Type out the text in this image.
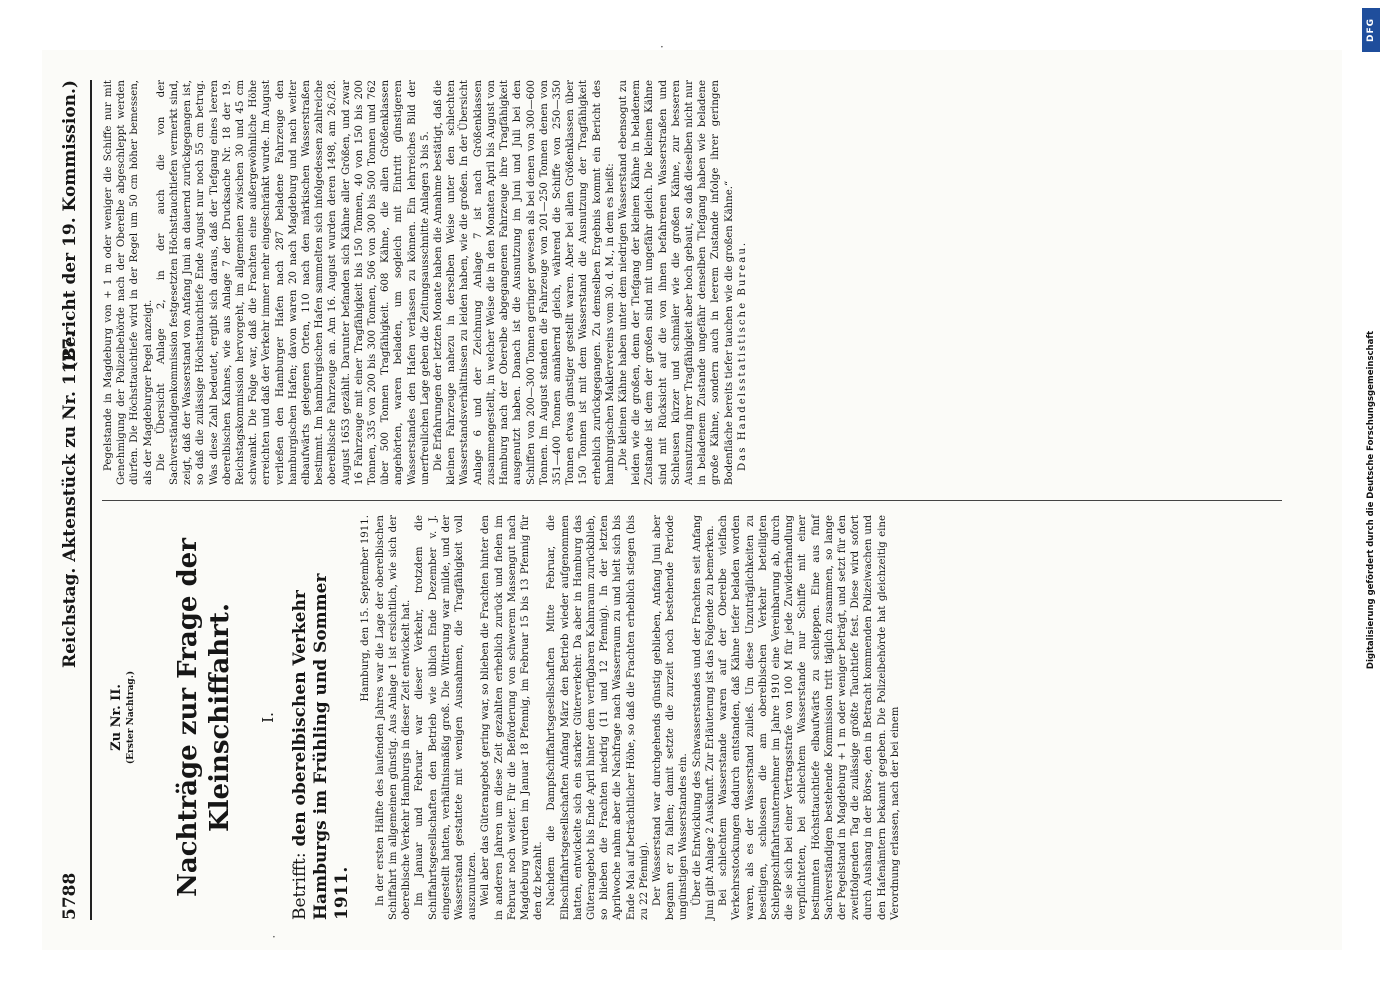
5788
Reichstag. Aktenstück zu Nr. 1127.
(Bericht der 19. Kommission.)
Zu Nr. II. (Erster Nachtrag.) Nachträge zur Frage der Kleinschiffahrt. I.
Betrifft: den oberelbischen Verkehr Hamburgs im Frühling und Sommer 1911.
Hamburg, den 15. September 1911. In der ersten Hälfte des laufenden Jahres war die Lage der oberelbischen Schiffahrt im allgemeinen günstig. Aus Anlage 1 ist ersichtlich, wie sich der oberelbische Verkehr Hamburgs in dieser Zeit entwickelt hat. Im Januar und Februar war dieser Verkehr, trotzdem die Schiffahrtsgesellschaften den Betrieb wie üblich Ende Dezember v. J. eingestellt hatten, verhältnismäßig groß. Die Witterung war milde, und der Wasserstand gestattete mit wenigen Ausnahmen, die Tragfähigkeit voll auszunutzen. Weil aber das Güterangebot gering war, so blieben die Frachten hinter den in anderen Jahren um diese Zeit gezahlten erheblich zurück und fielen im Februar noch weiter. Für die Beförderung von schwerem Massengut nach Magdeburg wurden im Januar 18 Pfennig, im Februar 15 bis 13 Pfennig für den dz bezahlt. Nachdem die Dampfschiffahrtsgesellschaften Mitte Februar, die Elbschiffahrtsgesellschaften Anfang März den Betrieb wieder aufgenommen hatten, entwickelte sich ein starker Güterverkehr. Da aber in Hamburg das Güterangebot bis Ende April hinter dem verfügbaren Kahnraum zurückblieb, so blieben die Frachten niedrig (11 und 12 Pfennig). In der letzten Aprilwoche nahm aber die Nachfrage nach Wasserraum zu und hielt sich bis Ende Mai auf beträchtlicher Höhe, so daß die Frachten erheblich stiegen (bis zu 22 Pfennig). Der Wasserstand war durchgehends günstig geblieben, Anfang Juni aber begann er zu fallen; damit setzte die zurzeit noch bestehende Periode ungünstigen Wasserstandes ein. Über die Entwicklung des Schwasserstandes und der Frachten seit Anfang Juni gibt Anlage 2 Auskunft. Zur Erläuterung ist das Folgende zu bemerken. Bei schlechtem Wasserstande waren auf der Oberelbe vielfach Verkehrsstockungen dadurch entstanden, daß Kähne tiefer beladen worden waren, als es der Wasserstand zuließ. Um diese Unzuträglichkeiten zu beseitigen, schlossen die am oberelbischen Verkehr beteiligten Schleppschiffahrtsunternehmer im Jahre 1910 eine Vereinbarung ab, durch die sie sich bei einer Vertragsstrafe von 100 M für jede Zuwiderhandlung verpflichteten, bei schlechtem Wasserstande nur Schiffe mit einer bestimmten Höchsttauchtiefe elbaufwärts zu schleppen. Eine aus fünf Sachverständigen bestehende Kommission tritt täglich zusammen, so lange der Pegelstand in Magdeburg + 1 m oder weniger beträgt, und setzt für den zweitfolgenden Tag die zulässige größte Tauchtiefe fest. Diese wird sofort durch Aushang in der Börse, den in Betracht kommenden Polizeiwachen und den Hafenämtern bekannt gegeben. Die Polizeibehörde hat gleichzeitig eine Verordnung erlassen, nach der bei einem

Pegelstande in Magdeburg von + 1 m oder weniger die Schiffe nur mit Genehmigung der Polizeibehörde nach der Oberelbe abgeschleppt werden dürfen. Die Höchsttauchtiefe wird in der Regel um 50 cm höher bemessen, als der Magdeburger Pegel anzeigt. Die Übersicht Anlage 2, in der auch die von der Sachverständigenkommission festgesetzten Höchsttauchtiefen vermerkt sind, zeigt, daß der Wasserstand von Anfang Juni an dauernd zurückgegangen ist, so daß die zulässige Höchsttauchtiefe Ende August nur noch 55 cm betrug. Was diese Zahl bedeutet, ergibt sich daraus, daß der Tiefgang eines leeren oberelbischen Kahnes, wie aus Anlage 7 der Drucksache Nr. 18 der 19. Reichstagskommission hervorgeht, im allgemeinen zwischen 30 und 45 cm schwankt. Die Folge war, daß die Frachten eine außergewöhnliche Höhe erreichten und daß der Verkehr immer mehr eingeschränkt wurde. Im August verließen den Hamburger Hafen nach 287 beladene Fahrzeuge den hamburgischen Hafen; davon waren 20 nach Magdeburg und nach weiter elbaufwärts gelegenen Orten, 110 nach den märkischen Wasserstraßen bestimmt. Im hamburgischen Hafen sammelten sich infolgedessen zahlreiche oberelbische Fahrzeuge an. Am 16. August wurden deren 1498, am 26./28. August 1653 gezählt. Darunter befanden sich Kähne aller Größen, und zwar 16 Fahrzeuge mit einer Tragfähigkeit bis 150 Tonnen, 40 von 150 bis 200 Tonnen, 335 von 200 bis 300 Tonnen, 506 von 300 bis 500 Tonnen und 762 über 500 Tonnen Tragfähigkeit. 608 Kähne, die allen Größenklassen angehörten, waren beladen, um sogleich mit Eintritt günstigeren Wasserstandes den Hafen verlassen zu können. Ein lehrreiches Bild der unerfreulichen Lage geben die Zeitungsausschnitte Anlagen 3 bis 5. Die Erfahrungen der letzten Monate haben die Annahme bestätigt, daß die kleinen Fahrzeuge nahezu in derselben Weise unter den schlechten Wasserstandsverhältnissen zu leiden haben, wie die großen. In der Übersicht Anlage 6 und der Zeichnung Anlage 7 ist nach Größenklassen zusammengestellt, in welcher Weise die in den Monaten April bis August von Hamburg nach der Oberelbe abgegangenen Fahrzeuge ihre Tragfähigkeit ausgenutzt haben. Danach ist die Ausnutzung im Juni und Juli bei den Schiffen von 200—300 Tonnen geringer gewesen als bei denen von 300—600 Tonnen. Im August standen die Fahrzeuge von 201—250 Tonnen denen von 351—400 Tonnen annähernd gleich, während die Schiffe von 250—350 Tonnen etwas günstiger gestellt waren. Aber bei allen Größenklassen über 150 Tonnen ist mit dem Wasserstand die Ausnutzung der Tragfähigkeit erheblich zurückgegangen. Zu demselben Ergebnis kommt ein Bericht des hamburgischen Maklervereins vom 30. d. M., in dem es heißt: „Die kleinen Kähne haben unter dem niedrigen Wasserstand ebensogut zu leiden wie die großen, denn der Tiefgang der kleinen Kähne in beladenem Zustande ist dem der großen sind mit ungefähr gleich. Die kleinen Kähne sind mit Rücksicht auf die von ihnen befahrenen Wasserstraßen und Schleusen kürzer und schmäler wie die großen Kähne, zur besseren Ausnutzung ihrer Tragfähigkeit aber hoch gebaut, so daß dieselben nicht nur in beladenem Zustande ungefähr denselben Tiefgang haben wie beladene große Kähne, sondern auch in leerem Zustande infolge ihrer geringen Bodenfläche bereits tiefer tauchen wie die großen Kähne.“ Das Handelsstatistische Bureau.

DFG
Digitalisierung gefördert durch die Deutsche Forschungsgemeinschaft
·
·
